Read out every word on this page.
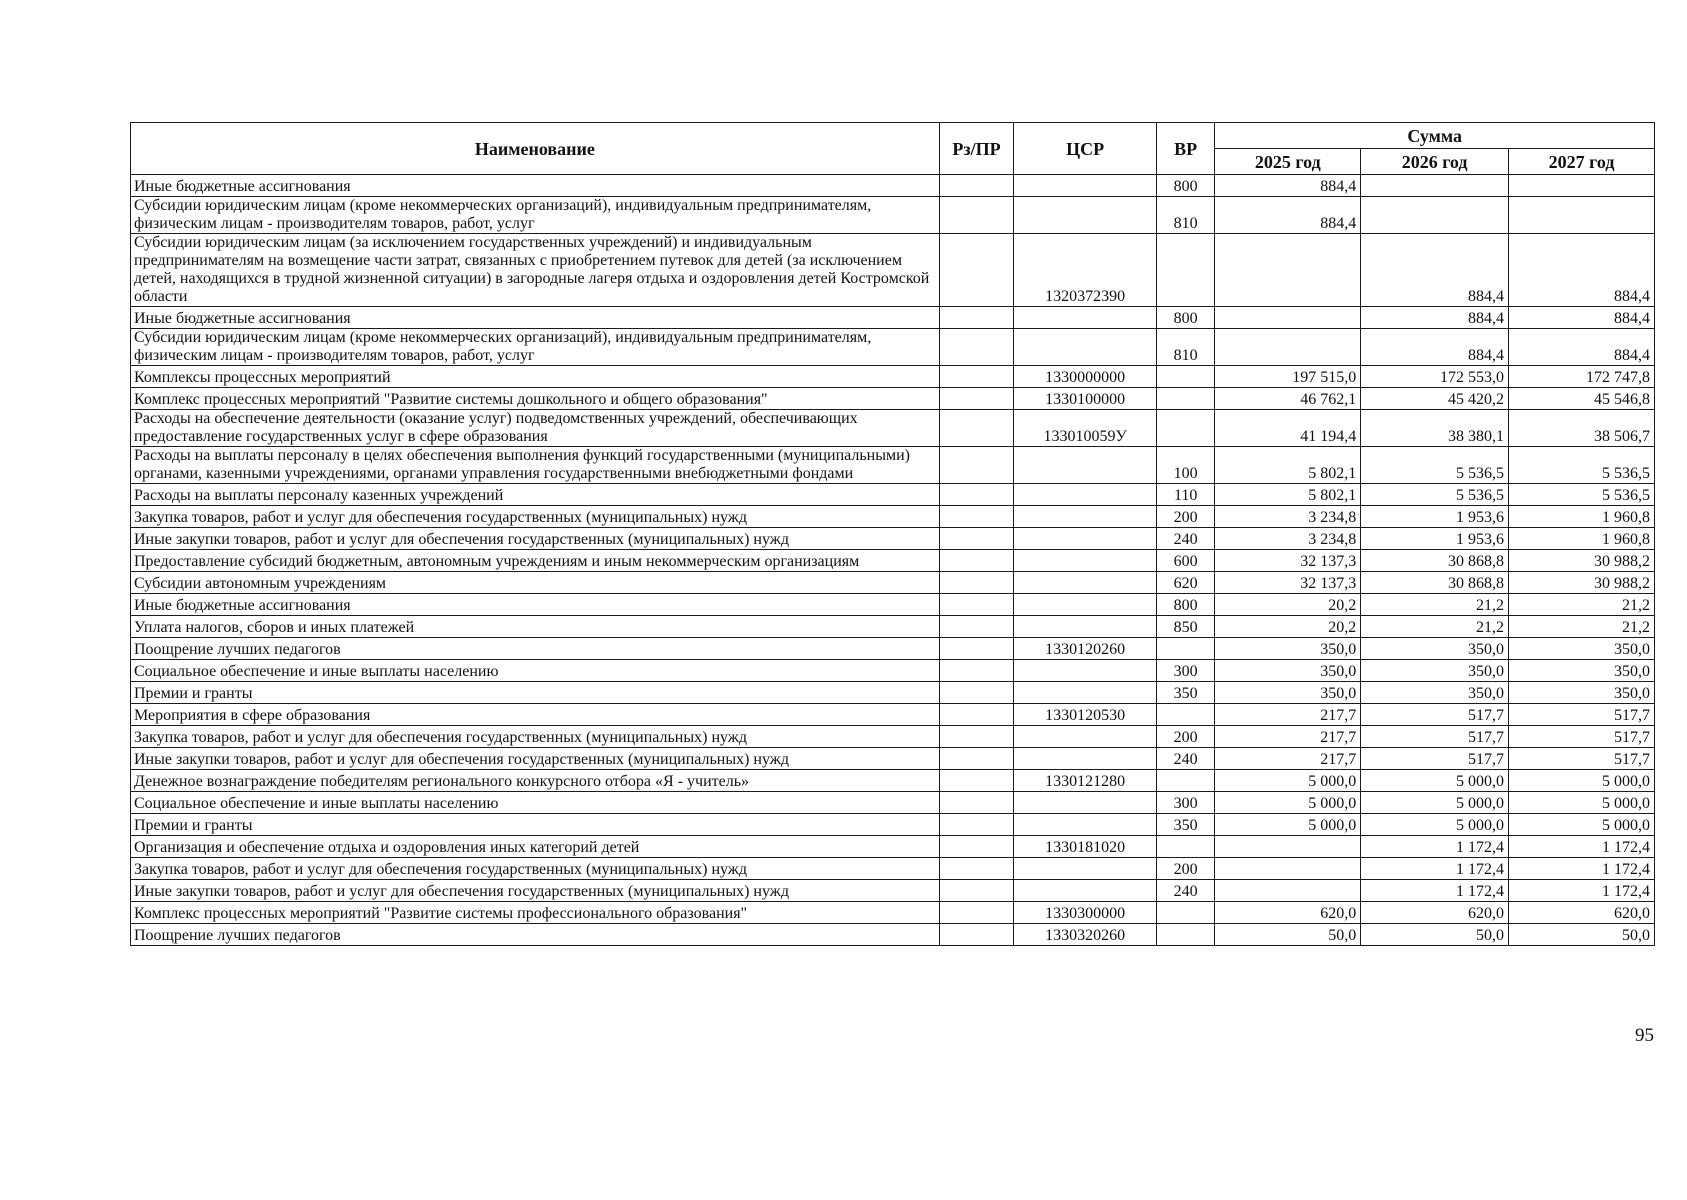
Наименование	Рз/ПР	ЦСР	ВР	Сумма		
				2025 год	2026 год	2027 год
Иные бюджетные ассигнования			800	884,4		
Субсидии юридическим лицам (кроме некоммерческих организаций), индивидуальным предпринимателям, физическим лицам - производителям товаров, работ, услуг			810	884,4		
Субсидии юридическим лицам (за исключением государственных учреждений) и индивидуальным предпринимателям на возмещение части затрат, связанных с приобретением путевок для детей (за исключением детей, находящихся в трудной жизненной ситуации) в загородные лагеря отдыха и оздоровления детей Костромской области		1320372390			884,4	884,4
Иные бюджетные ассигнования			800		884,4	884,4
Субсидии юридическим лицам (кроме некоммерческих организаций), индивидуальным предпринимателям, физическим лицам - производителям товаров, работ, услуг			810		884,4	884,4
Комплексы процессных мероприятий		1330000000		197 515,0	172 553,0	172 747,8
Комплекс процессных мероприятий "Развитие системы дошкольного и общего образования"		1330100000		46 762,1	45 420,2	45 546,8
Расходы на обеспечение деятельности (оказание услуг) подведомственных учреждений, обеспечивающих предоставление государственных услуг в сфере образования		133010059У		41 194,4	38 380,1	38 506,7
Расходы на выплаты персоналу в целях обеспечения выполнения функций государственными (муниципальными) органами, казенными учреждениями, органами управления государственными внебюджетными фондами			100	5 802,1	5 536,5	5 536,5
Расходы на выплаты персоналу казенных учреждений			110	5 802,1	5 536,5	5 536,5
Закупка товаров, работ и услуг для обеспечения государственных (муниципальных) нужд			200	3 234,8	1 953,6	1 960,8
Иные закупки товаров, работ и услуг для обеспечения государственных (муниципальных) нужд			240	3 234,8	1 953,6	1 960,8
Предоставление субсидий бюджетным, автономным учреждениям и иным некоммерческим организациям			600	32 137,3	30 868,8	30 988,2
Субсидии автономным учреждениям			620	32 137,3	30 868,8	30 988,2
Иные бюджетные ассигнования			800	20,2	21,2	21,2
Уплата налогов, сборов и иных платежей			850	20,2	21,2	21,2
Поощрение лучших педагогов		1330120260		350,0	350,0	350,0
Социальное обеспечение и иные выплаты населению			300	350,0	350,0	350,0
Премии и гранты			350	350,0	350,0	350,0
Мероприятия в сфере образования		1330120530		217,7	517,7	517,7
Закупка товаров, работ и услуг для обеспечения государственных (муниципальных) нужд			200	217,7	517,7	517,7
Иные закупки товаров, работ и услуг для обеспечения государственных (муниципальных) нужд			240	217,7	517,7	517,7
Денежное вознаграждение победителям регионального конкурсного отбора «Я - учитель»		1330121280		5 000,0	5 000,0	5 000,0
Социальное обеспечение и иные выплаты населению			300	5 000,0	5 000,0	5 000,0
Премии и гранты			350	5 000,0	5 000,0	5 000,0
Организация и обеспечение отдыха и оздоровления иных категорий детей		1330181020			1 172,4	1 172,4
Закупка товаров, работ и услуг для обеспечения государственных (муниципальных) нужд			200		1 172,4	1 172,4
Иные закупки товаров, работ и услуг для обеспечения государственных (муниципальных) нужд			240		1 172,4	1 172,4
Комплекс процессных мероприятий "Развитие системы профессионального образования"		1330300000		620,0	620,0	620,0
Поощрение лучших педагогов		1330320260		50,0	50,0	50,0
95
